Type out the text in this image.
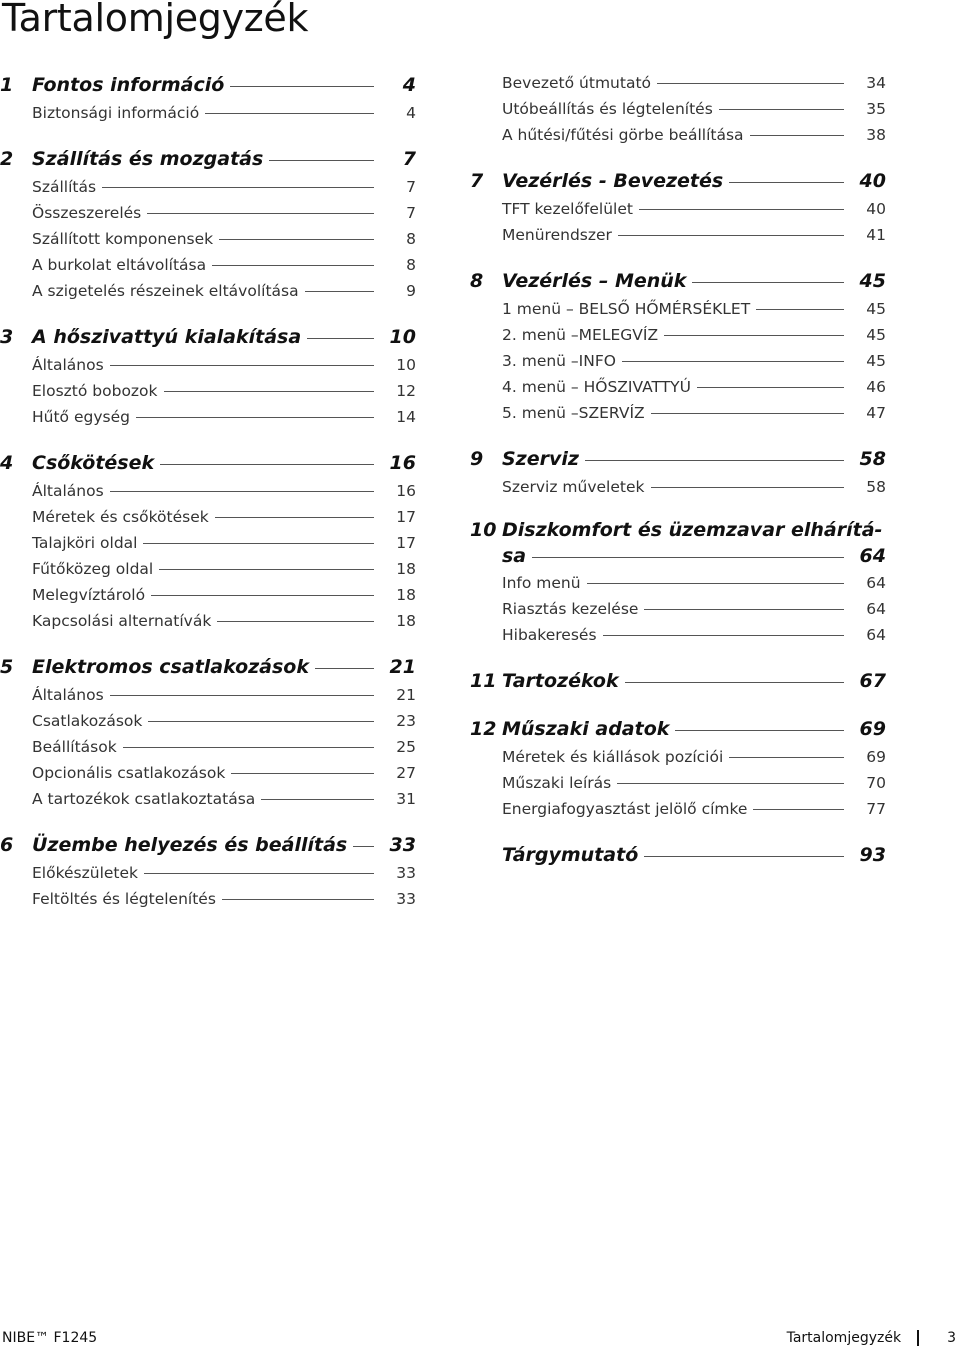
Tartalomjegyzék
1 Fontos információ	4
Biztonsági információ	4
2 Szállítás és mozgatás	7
Szállítás	7
Összeszerelés	7
Szállított komponensek	8
A burkolat eltávolítása	8
A szigetelés részeinek eltávolítása	9
3 A hőszivattyú kialakítása	10
Általános	10
Elosztó bobozok	12
Hűtő egység	14
4 Csőkötések	16
Általános	16
Méretek és csőkötések	17
Talajköri oldal	17
Fűtőközeg oldal	18
Melegvíztároló	18
Kapcsolási alternatívák	18
5 Elektromos csatlakozások	21
Általános	21
Csatlakozások	23
Beállítások	25
Opcionális csatlakozások	27
A tartozékok csatlakoztatása	31
6 Üzembe helyezés és beállítás 33
Előkészületek	33
Feltöltés és légtelenítés	33
Bevezető útmutató	34
Utóbeállítás és légtelenítés	35
A hűtési/fűtési görbe beállítása	38
7 Vezérlés - Bevezetés	40
TFT kezelőfelület	40
Menürendszer	41
8 Vezérlés – Menük	45
1 menü – BELSŐ HŐMÉRSÉKLET	45
2. menü –MELEGVÍZ	45
3. menü –INFO	45
4. menü – HŐSZIVATTYÚ	46
5. menü –SZERVÍZ	47
9 Szerviz	58
Szerviz műveletek	58
10 Diszkomfort és üzemzavar elhárítá-
sa	64
Info menü	64
Riasztás kezelése	64
Hibakeresés	64
11 Tartozékok	67
12 Műszaki adatok	69
Méretek és kiállások pozíciói	69
Műszaki leírás	70
Energiafogyasztást jelölő címke	77
Tárgymutató	93
NIBE™ F1245	Tartalomjegyzék	3
